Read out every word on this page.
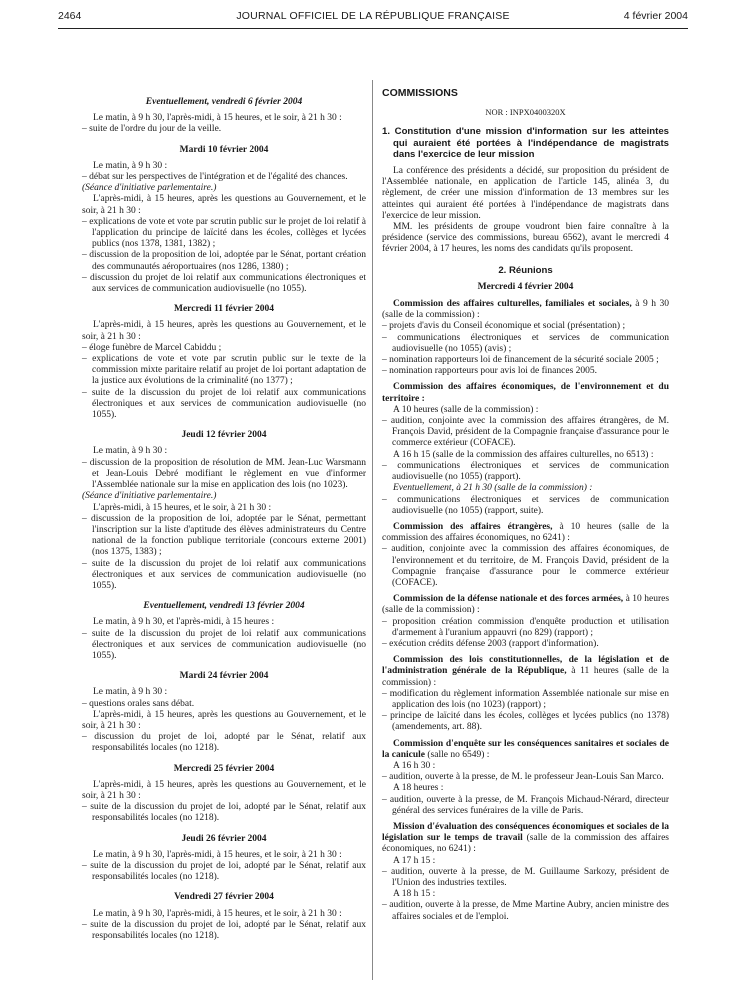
2464	JOURNAL OFFICIEL DE LA RÉPUBLIQUE FRANÇAISE	4 février 2004

Eventuellement, vendredi 6 février 2004

Le matin, à 9 h 30, l'après-midi, à 15 heures, et le soir, à 21 h 30 :

– suite de l'ordre du jour de la veille.

Mardi 10 février 2004

Le matin, à 9 h 30 :

– débat sur les perspectives de l'intégration et de l'égalité des chances.

(Séance d'initiative parlementaire.)

L'après-midi, à 15 heures, après les questions au Gouvernement, et le soir, à 21 h 30 :

– explications de vote et vote par scrutin public sur le projet de loi relatif à l'application du principe de laïcité dans les écoles, collèges et lycées publics (nos 1378, 1381, 1382) ;

– discussion de la proposition de loi, adoptée par le Sénat, portant création des communautés aéroportuaires (nos 1286, 1380) ;

– discussion du projet de loi relatif aux communications électroniques et aux services de communication audiovisuelle (no 1055).

Mercredi 11 février 2004

L'après-midi, à 15 heures, après les questions au Gouvernement, et le soir, à 21 h 30 :

– éloge funèbre de Marcel Cabiddu ;

– explications de vote et vote par scrutin public sur le texte de la commission mixte paritaire relatif au projet de loi portant adaptation de la justice aux évolutions de la criminalité (no 1377) ;

– suite de la discussion du projet de loi relatif aux communications électroniques et aux services de communication audiovisuelle (no 1055).

Jeudi 12 février 2004

Le matin, à 9 h 30 :

– discussion de la proposition de résolution de MM. Jean-Luc Warsmann et Jean-Louis Debré modifiant le règlement en vue d'informer l'Assemblée nationale sur la mise en application des lois (no 1023).

(Séance d'initiative parlementaire.)

L'après-midi, à 15 heures, et le soir, à 21 h 30 :

– discussion de la proposition de loi, adoptée par le Sénat, permettant l'inscription sur la liste d'aptitude des élèves administrateurs du Centre national de la fonction publique territoriale (concours externe 2001) (nos 1375, 1383) ;

– suite de la discussion du projet de loi relatif aux communications électroniques et aux services de communication audiovisuelle (no 1055).

Eventuellement, vendredi 13 février 2004

Le matin, à 9 h 30, et l'après-midi, à 15 heures :

– suite de la discussion du projet de loi relatif aux communications électroniques et aux services de communication audiovisuelle (no 1055).

Mardi 24 février 2004

Le matin, à 9 h 30 :

– questions orales sans débat.

L'après-midi, à 15 heures, après les questions au Gouvernement, et le soir, à 21 h 30 :

– discussion du projet de loi, adopté par le Sénat, relatif aux responsabilités locales (no 1218).

Mercredi 25 février 2004

L'après-midi, à 15 heures, après les questions au Gouvernement, et le soir, à 21 h 30 :

– suite de la discussion du projet de loi, adopté par le Sénat, relatif aux responsabilités locales (no 1218).

Jeudi 26 février 2004

Le matin, à 9 h 30, l'après-midi, à 15 heures, et le soir, à 21 h 30 :

– suite de la discussion du projet de loi, adopté par le Sénat, relatif aux responsabilités locales (no 1218).

Vendredi 27 février 2004

Le matin, à 9 h 30, l'après-midi, à 15 heures, et le soir, à 21 h 30 :

– suite de la discussion du projet de loi, adopté par le Sénat, relatif aux responsabilités locales (no 1218).

COMMISSIONS

NOR : INPX0400320X

1. Constitution d'une mission d'information sur les atteintes qui auraient été portées à l'indépendance de magistrats dans l'exercice de leur mission

La conférence des présidents a décidé, sur proposition du président de l'Assemblée nationale, en application de l'article 145, alinéa 3, du règlement, de créer une mission d'information de 13 membres sur les atteintes qui auraient été portées à l'indépendance de magistrats dans l'exercice de leur mission.

MM. les présidents de groupe voudront bien faire connaître à la présidence (service des commissions, bureau 6562), avant le mercredi 4 février 2004, à 17 heures, les noms des candidats qu'ils proposent.

2. Réunions

Mercredi 4 février 2004

Commission des affaires culturelles, familiales et sociales, à 9 h 30 (salle de la commission) :

– projets d'avis du Conseil économique et social (présentation) ;

– communications électroniques et services de communication audiovisuelle (no 1055) (avis) ;

– nomination rapporteurs loi de financement de la sécurité sociale 2005 ;

– nomination rapporteurs pour avis loi de finances 2005.

Commission des affaires économiques, de l'environnement et du territoire :

A 10 heures (salle de la commission) :

– audition, conjointe avec la commission des affaires étrangères, de M. François David, président de la Compagnie française d'assurance pour le commerce extérieur (COFACE).

A 16 h 15 (salle de la commission des affaires culturelles, no 6513) :

– communications électroniques et services de communication audiovisuelle (no 1055) (rapport).

Eventuellement, à 21 h 30 (salle de la commission) :

– communications électroniques et services de communication audiovisuelle (no 1055) (rapport, suite).

Commission des affaires étrangères, à 10 heures (salle de la commission des affaires économiques, no 6241) :

– audition, conjointe avec la commission des affaires économiques, de l'environnement et du territoire, de M. François David, président de la Compagnie française d'assurance pour le commerce extérieur (COFACE).

Commission de la défense nationale et des forces armées, à 10 heures (salle de la commission) :

– proposition création commission d'enquête production et utilisation d'armement à l'uranium appauvri (no 829) (rapport) ;

– exécution crédits défense 2003 (rapport d'information).

Commission des lois constitutionnelles, de la législation et de l'administration générale de la République, à 11 heures (salle de la commission) :

– modification du règlement information Assemblée nationale sur mise en application des lois (no 1023) (rapport) ;

– principe de laïcité dans les écoles, collèges et lycées publics (no 1378) (amendements, art. 88).

Commission d'enquête sur les conséquences sanitaires et sociales de la canicule (salle no 6549) :

A 16 h 30 :

– audition, ouverte à la presse, de M. le professeur Jean-Louis San Marco.

A 18 heures :

– audition, ouverte à la presse, de M. François Michaud-Nérard, directeur général des services funéraires de la ville de Paris.

Mission d'évaluation des conséquences économiques et sociales de la législation sur le temps de travail (salle de la commission des affaires économiques, no 6241) :

A 17 h 15 :

– audition, ouverte à la presse, de M. Guillaume Sarkozy, président de l'Union des industries textiles.

A 18 h 15 :

– audition, ouverte à la presse, de Mme Martine Aubry, ancien ministre des affaires sociales et de l'emploi.
